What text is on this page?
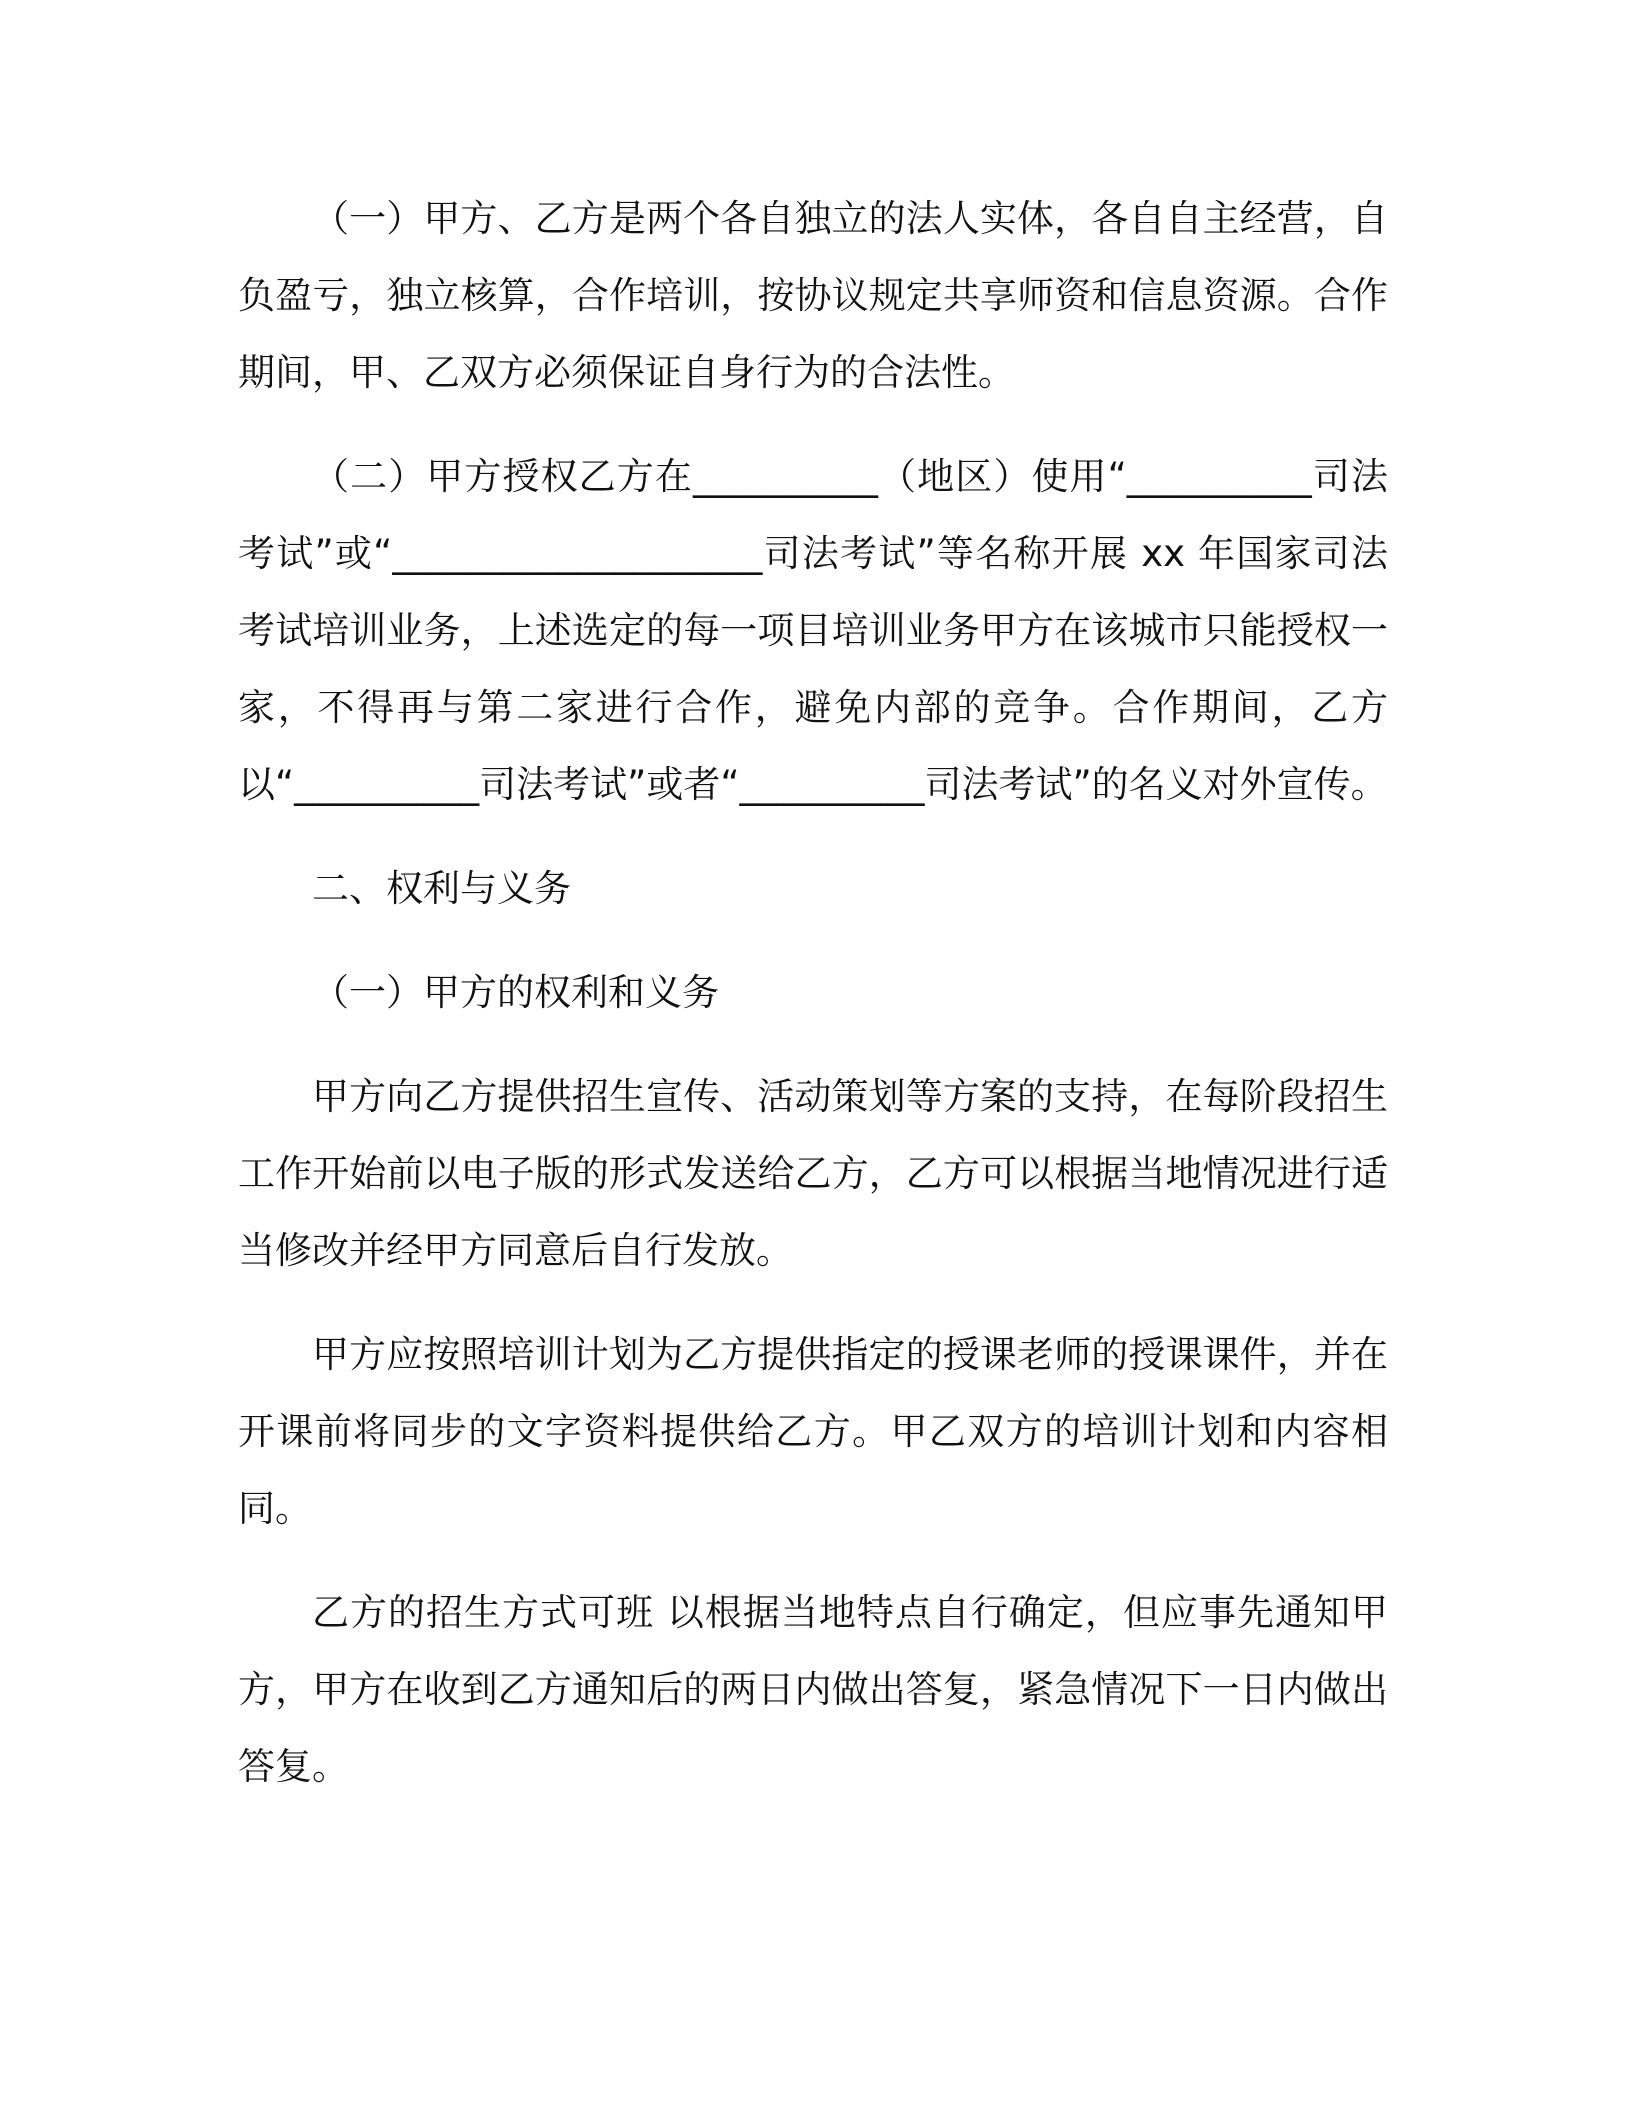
（一）甲方、乙方是两个各自独立的法人实体，各自自主经营，自负盈亏，独立核算，合作培训，按协议规定共享师资和信息资源。合作期间，甲、乙双方必须保证自身行为的合法性。

（二）甲方授权乙方在__________（地区）使用“__________司法考试”或“____________________司法考试”等名称开展 xx 年国家司法考试培训业务，上述选定的每一项目培训业务甲方在该城市只能授权一家，不得再与第二家进行合作，避免内部的竞争。合作期间，乙方以“__________司法考试”或者“__________司法考试”的名义对外宣传。

二、权利与义务

（一）甲方的权利和义务

甲方向乙方提供招生宣传、活动策划等方案的支持，在每阶段招生工作开始前以电子版的形式发送给乙方，乙方可以根据当地情况进行适当修改并经甲方同意后自行发放。

甲方应按照培训计划为乙方提供指定的授课老师的授课课件，并在开课前将同步的文字资料提供给乙方。甲乙双方的培训计划和内容相同。

乙方的招生方式可班 以根据当地特点自行确定，但应事先通知甲方，甲方在收到乙方通知后的两日内做出答复，紧急情况下一日内做出答复。
